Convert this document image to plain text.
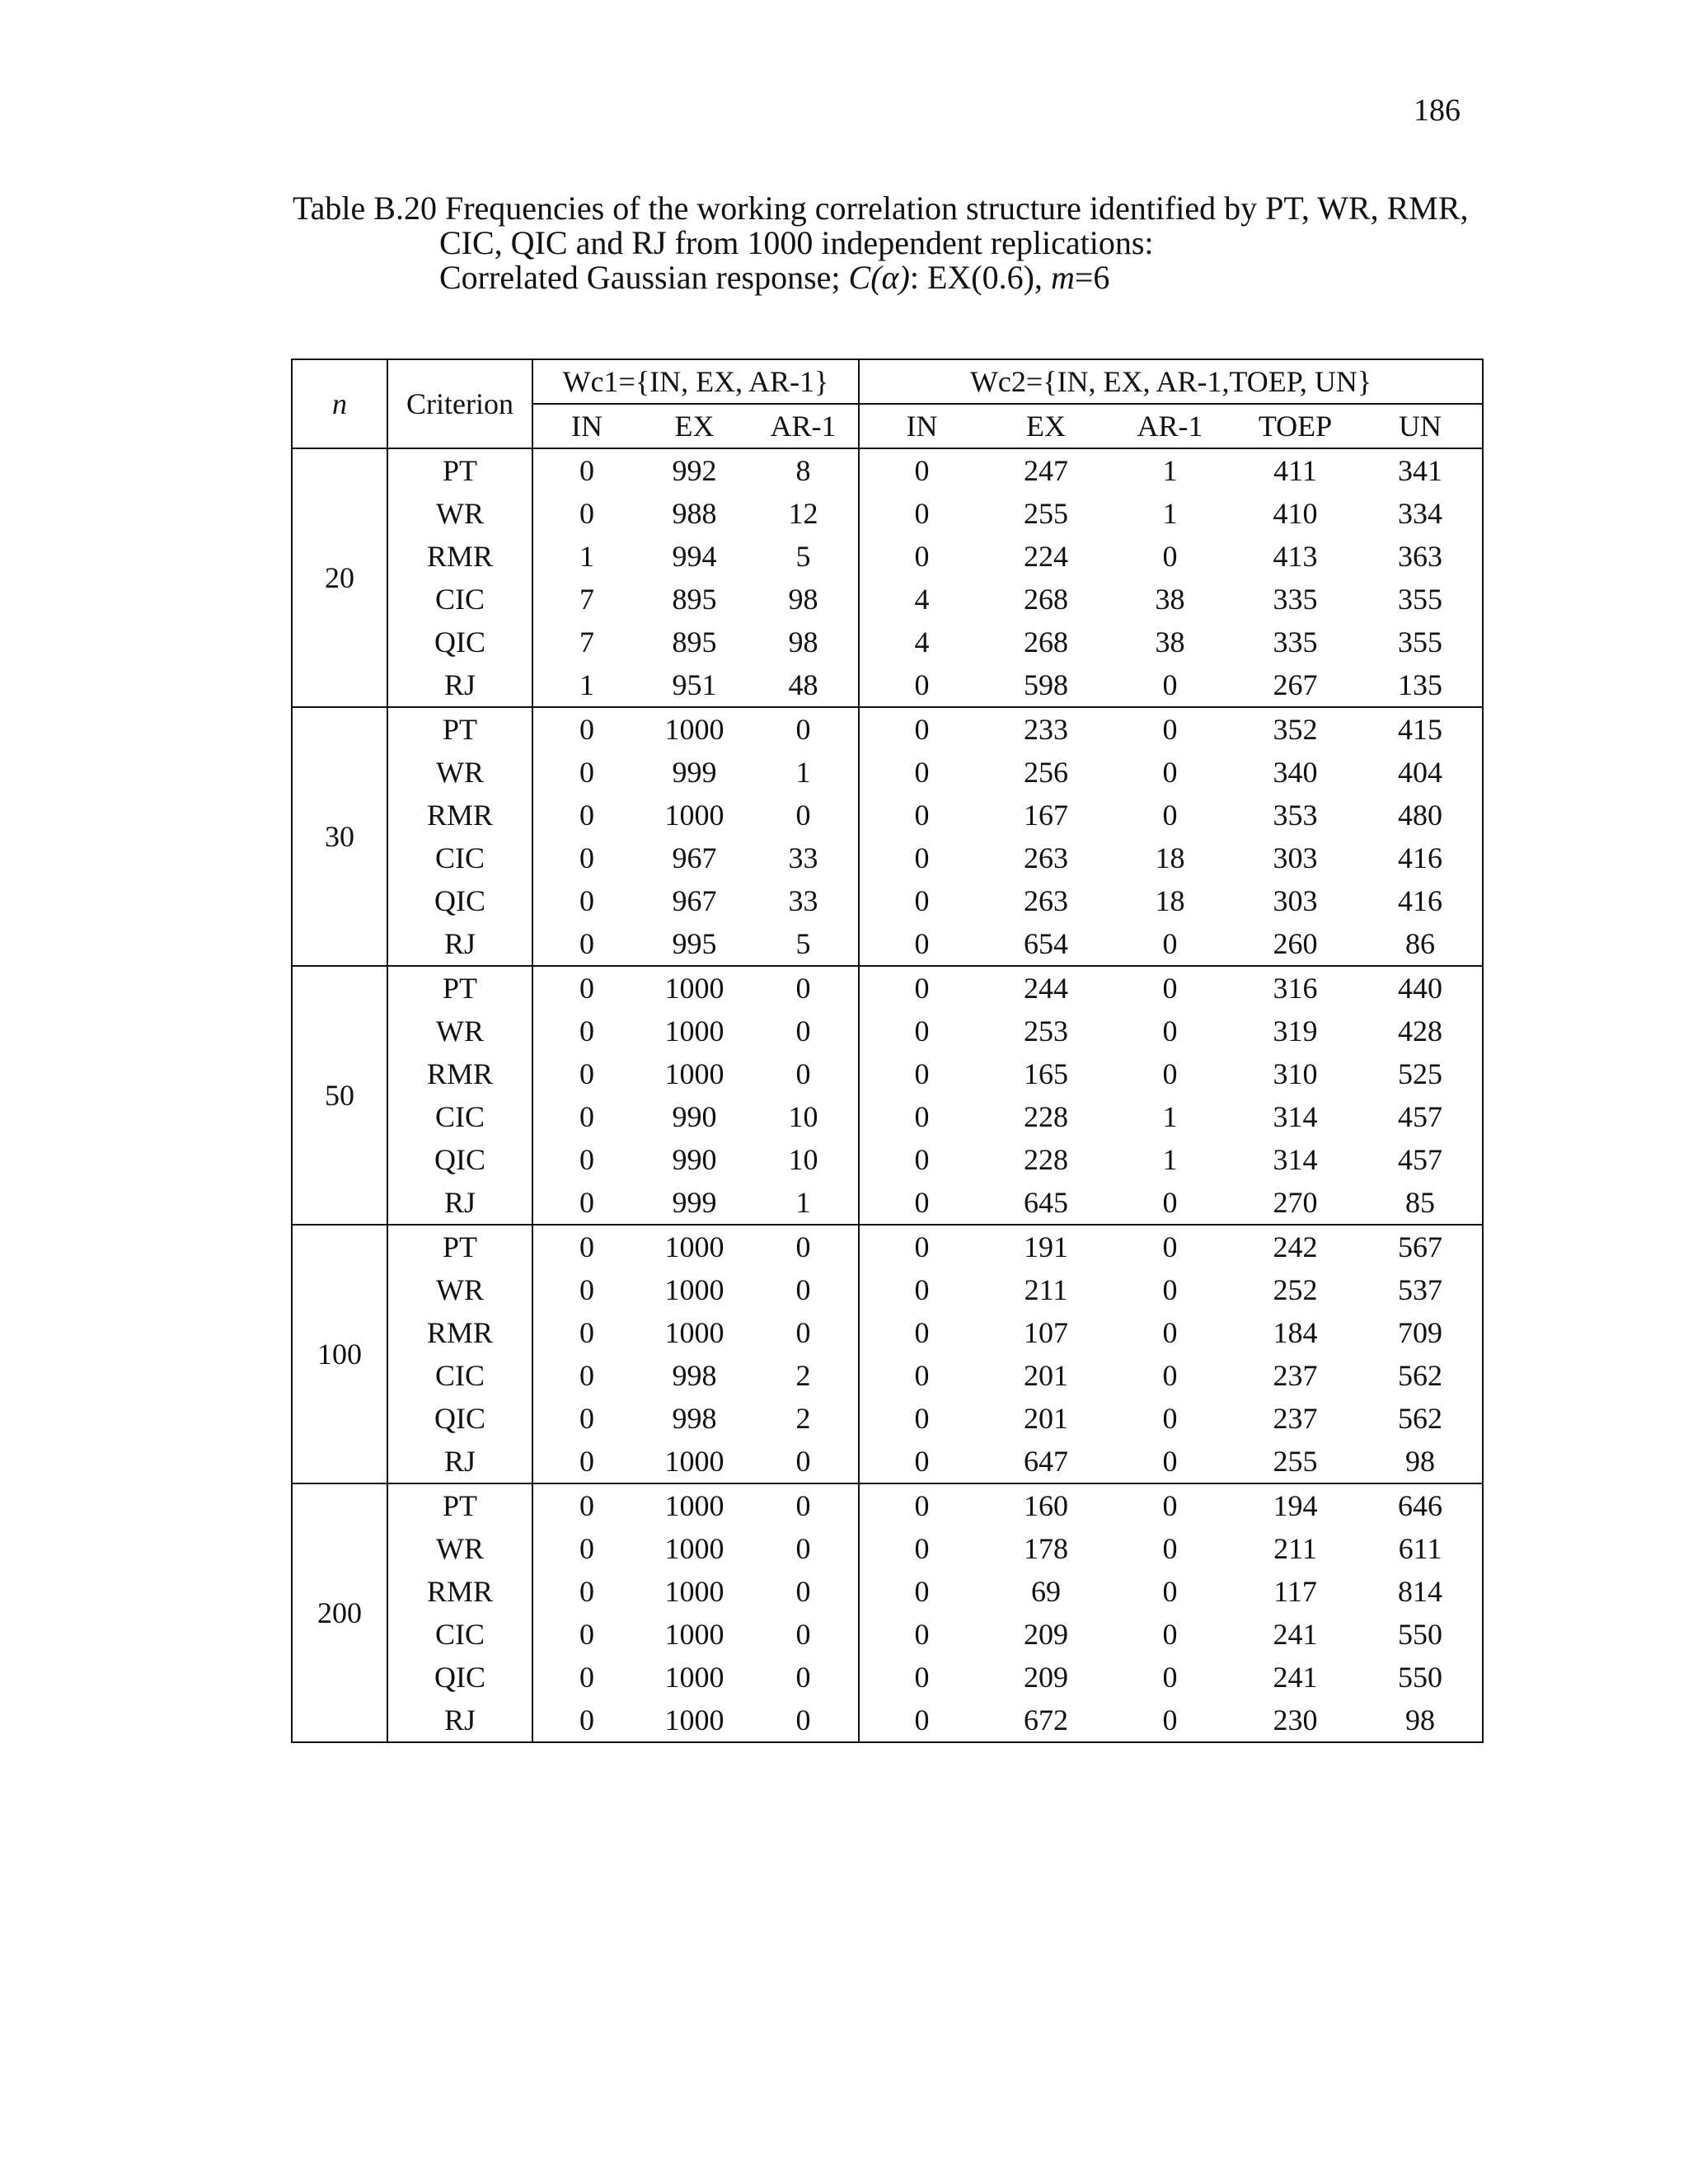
186
Table B.20 Frequencies of the working correlation structure identified by PT, WR, RMR,
CIC, QIC and RJ from 1000 independent replications:
Correlated Gaussian response; C(α): EX(0.6), m=6
n	Criterion	Wc1={IN, EX, AR-1}			Wc2={IN, EX, AR-1,TOEP, UN}				
		IN	EX	AR-1	IN	EX	AR-1	TOEP	UN
20	PT	0	992	8	0	247	1	411	341
	WR	0	988	12	0	255	1	410	334
	RMR	1	994	5	0	224	0	413	363
	CIC	7	895	98	4	268	38	335	355
	QIC	7	895	98	4	268	38	335	355
	RJ	1	951	48	0	598	0	267	135
30	PT	0	1000	0	0	233	0	352	415
	WR	0	999	1	0	256	0	340	404
	RMR	0	1000	0	0	167	0	353	480
	CIC	0	967	33	0	263	18	303	416
	QIC	0	967	33	0	263	18	303	416
	RJ	0	995	5	0	654	0	260	86
50	PT	0	1000	0	0	244	0	316	440
	WR	0	1000	0	0	253	0	319	428
	RMR	0	1000	0	0	165	0	310	525
	CIC	0	990	10	0	228	1	314	457
	QIC	0	990	10	0	228	1	314	457
	RJ	0	999	1	0	645	0	270	85
100	PT	0	1000	0	0	191	0	242	567
	WR	0	1000	0	0	211	0	252	537
	RMR	0	1000	0	0	107	0	184	709
	CIC	0	998	2	0	201	0	237	562
	QIC	0	998	2	0	201	0	237	562
	RJ	0	1000	0	0	647	0	255	98
200	PT	0	1000	0	0	160	0	194	646
	WR	0	1000	0	0	178	0	211	611
	RMR	0	1000	0	0	69	0	117	814
	CIC	0	1000	0	0	209	0	241	550
	QIC	0	1000	0	0	209	0	241	550
	RJ	0	1000	0	0	672	0	230	98
